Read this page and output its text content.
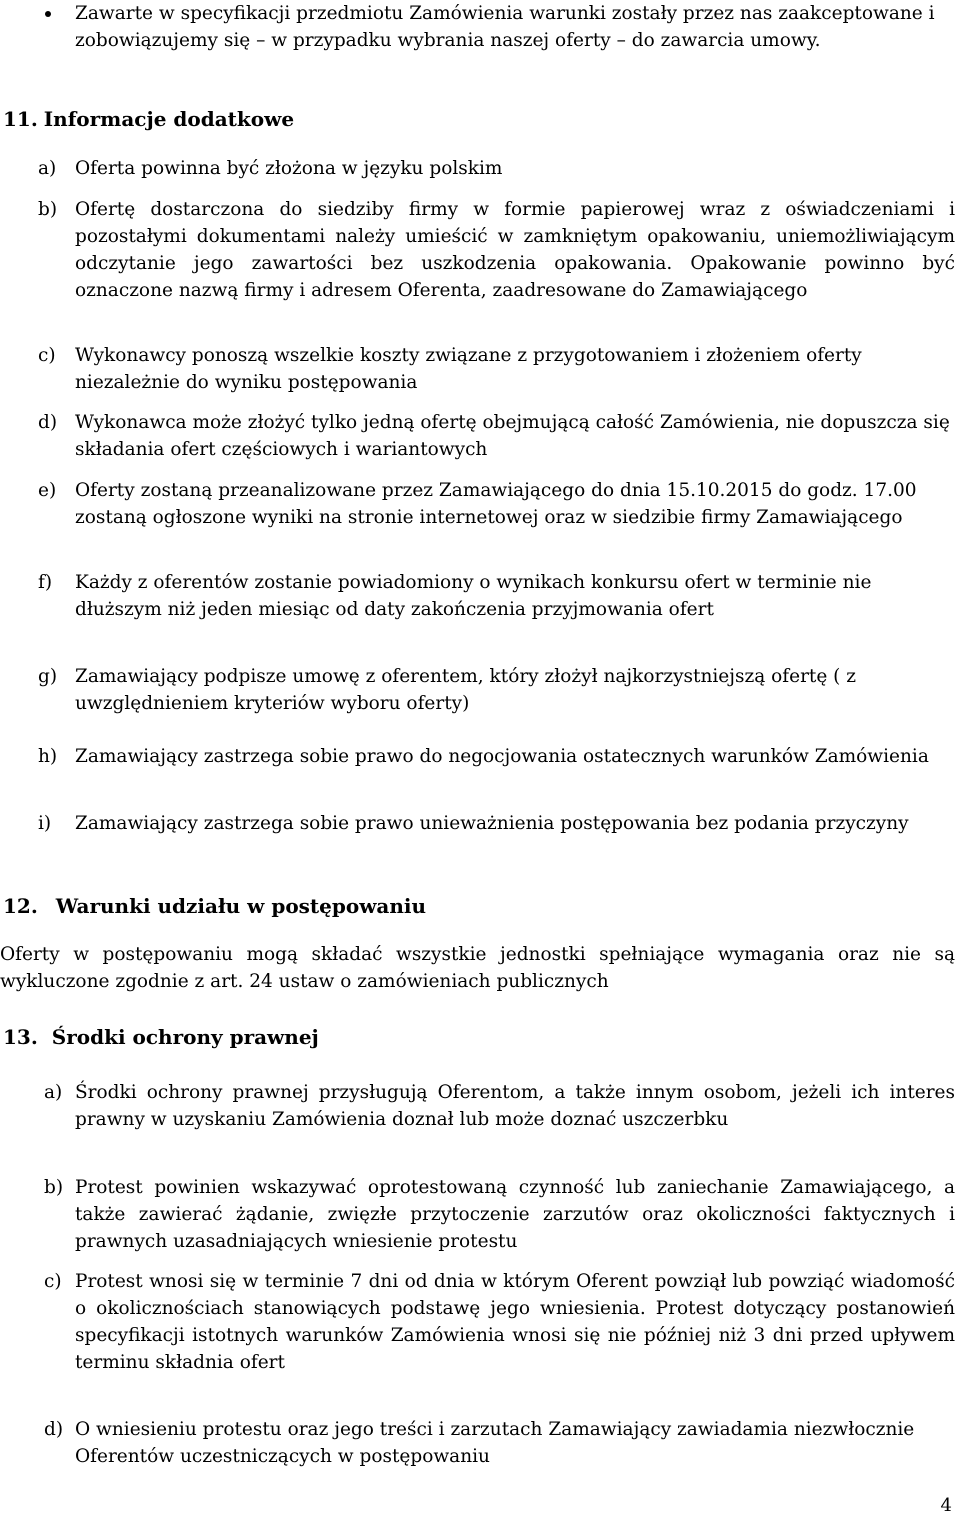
Zawarte w specyfikacji przedmiotu Zamówienia warunki zostały przez nas zaakceptowane i zobowiązujemy się – w przypadku wybrania naszej oferty – do zawarcia umowy.
11. Informacje dodatkowe
a) Oferta powinna być złożona w języku polskim
b) Ofertę dostarczona do siedziby firmy w formie papierowej wraz z oświadczeniami i pozostałymi dokumentami należy umieścić w zamkniętym opakowaniu, uniemożliwiającym odczytanie jego zawartości bez uszkodzenia opakowania. Opakowanie powinno być oznaczone nazwą firmy i adresem Oferenta, zaadresowane do Zamawiającego
c) Wykonawcy ponoszą wszelkie koszty związane z przygotowaniem i złożeniem oferty niezależnie do wyniku postępowania
d) Wykonawca może złożyć tylko jedną ofertę obejmującą całość Zamówienia, nie dopuszcza się składania ofert częściowych i wariantowych
e) Oferty zostaną przeanalizowane przez Zamawiającego do dnia 15.10.2015 do godz. 17.00 zostaną ogłoszone wyniki na stronie internetowej oraz w siedzibie firmy Zamawiającego
f) Każdy z oferentów zostanie powiadomiony o wynikach konkursu ofert w terminie nie dłuższym niż jeden miesiąc od daty zakończenia przyjmowania ofert
g) Zamawiający podpisze umowę z oferentem, który złożył najkorzystniejszą ofertę ( z uwzględnieniem kryteriów wyboru oferty)
h) Zamawiający zastrzega sobie prawo do negocjowania ostatecznych warunków Zamówienia
i) Zamawiający zastrzega sobie prawo unieważnienia postępowania bez podania przyczyny
12. Warunki udziału w postępowaniu
Oferty w postępowaniu mogą składać wszystkie jednostki spełniające wymagania oraz nie są wykluczone zgodnie z art. 24 ustaw o zamówieniach publicznych
13. Środki ochrony prawnej
a) Środki ochrony prawnej przysługują Oferentom, a także innym osobom, jeżeli ich interes prawny w uzyskaniu Zamówienia doznał lub może doznać uszczerbku
b) Protest powinien wskazywać oprotestowaną czynność lub zaniechanie Zamawiającego, a także zawierać żądanie, zwięzłe przytoczenie zarzutów oraz okoliczności faktycznych i prawnych uzasadniających wniesienie protestu
c) Protest wnosi się w terminie 7 dni od dnia w którym Oferent powziął lub powziąć wiadomość o okolicznościach stanowiących podstawę jego wniesienia. Protest dotyczący postanowień specyfikacji istotnych warunków Zamówienia wnosi się nie później niż 3 dni przed upływem terminu składnia ofert
d) O wniesieniu protestu oraz jego treści i zarzutach Zamawiający zawiadamia niezwłocznie Oferentów uczestniczących w postępowaniu
4
